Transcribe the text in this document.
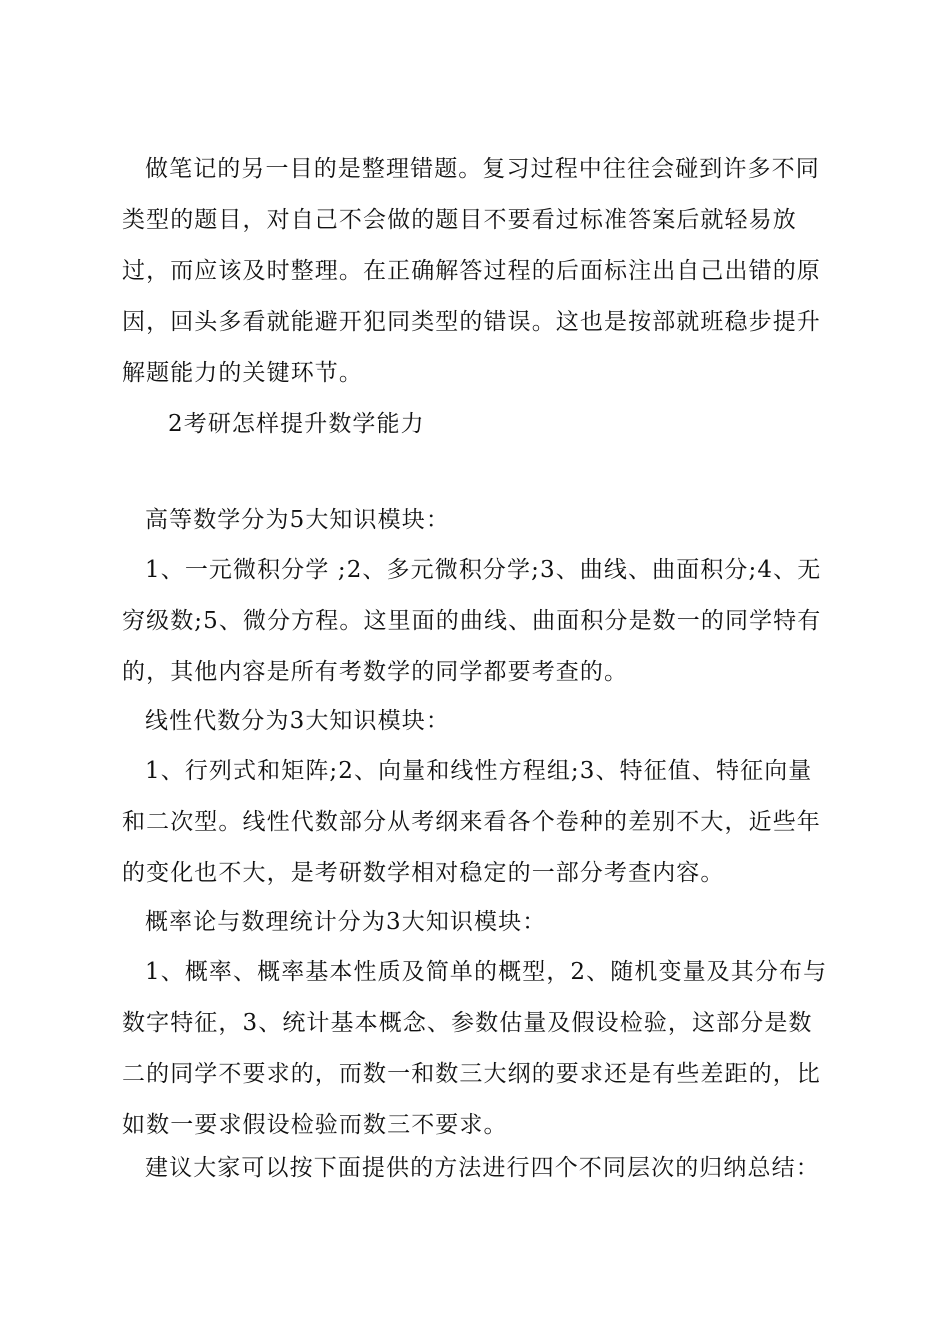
做笔记的另一目的是整理错题。复习过程中往往会碰到许多不同类型的题目，对自己不会做的题目不要看过标准答案后就轻易放过，而应该及时整理。在正确解答过程的后面标注出自己出错的原因，回头多看就能避开犯同类型的错误。这也是按部就班稳步提升解题能力的关键环节。

2考研怎样提升数学能力

高等数学分为5大知识模块：

1、一元微积分学 ;2、多元微积分学;3、曲线、曲面积分;4、无穷级数;5、微分方程。这里面的曲线、曲面积分是数一的同学特有的，其他内容是所有考数学的同学都要考查的。

线性代数分为3大知识模块：

1、行列式和矩阵;2、向量和线性方程组;3、特征值、特征向量和二次型。线性代数部分从考纲来看各个卷种的差别不大，近些年的变化也不大，是考研数学相对稳定的一部分考查内容。

概率论与数理统计分为3大知识模块：

1、概率、概率基本性质及简单的概型，2、随机变量及其分布与数字特征，3、统计基本概念、参数估量及假设检验，这部分是数二的同学不要求的，而数一和数三大纲的要求还是有些差距的，比如数一要求假设检验而数三不要求。

建议大家可以按下面提供的方法进行四个不同层次的归纳总结：
